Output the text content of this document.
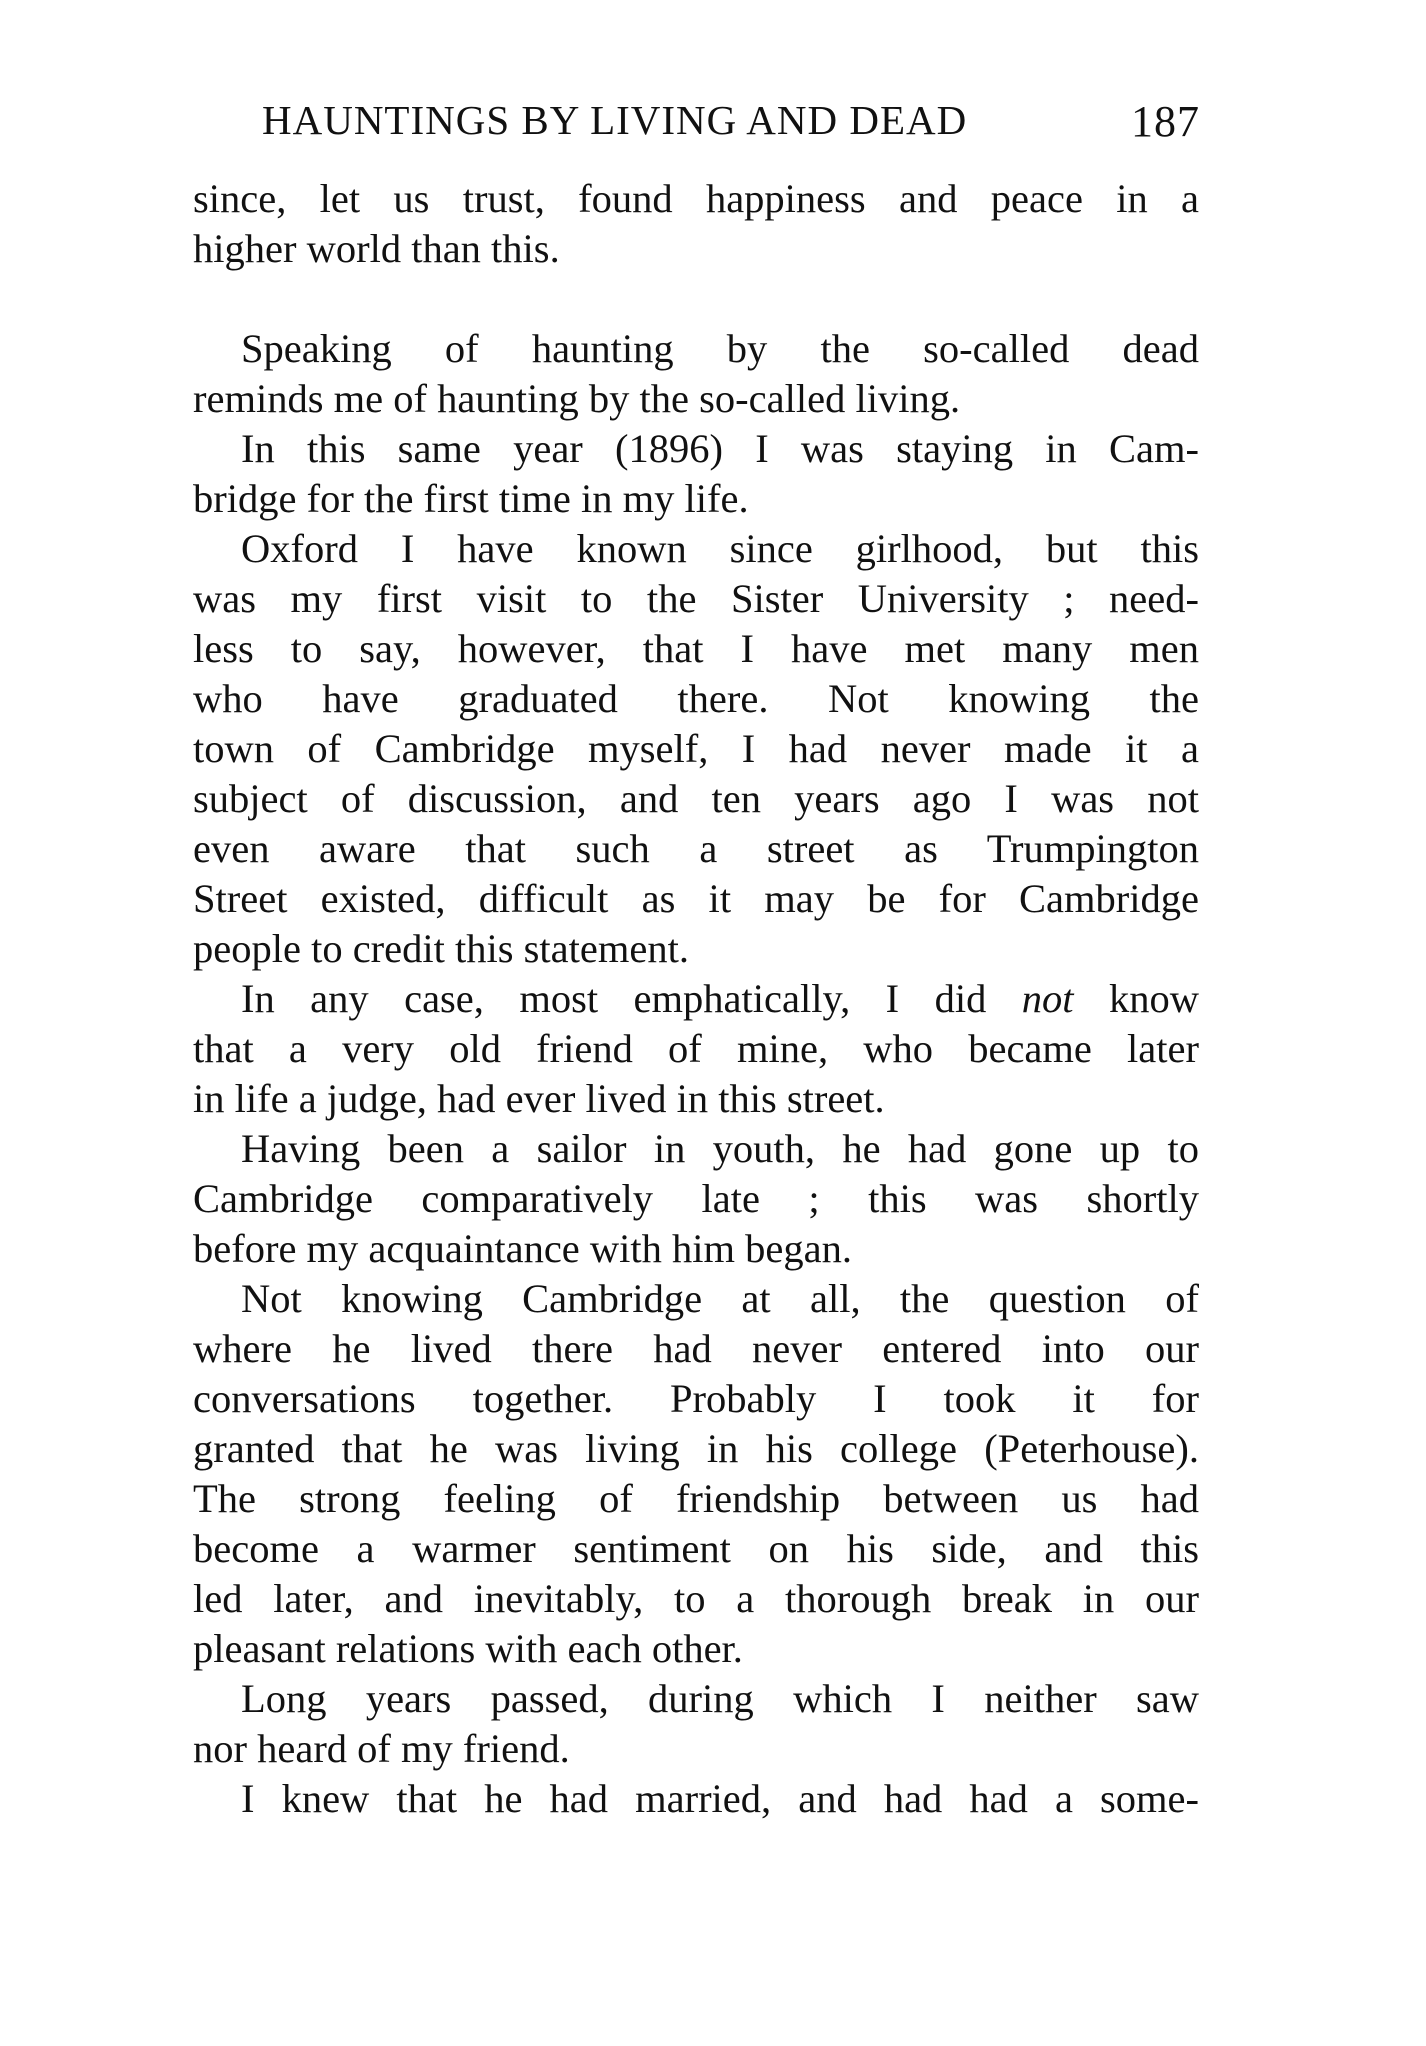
HAUNTINGS BY LIVING AND DEAD	187
since, let us trust, found happiness and peace in a
higher world than this.
Speaking of haunting by the so-called dead
reminds me of haunting by the so-called living.
In this same year (1896) I was staying in Cam-
bridge for the first time in my life.
Oxford I have known since girlhood, but this
was my first visit to the Sister University ; need-
less to say, however, that I have met many men
who have graduated there. Not knowing the
town of Cambridge myself, I had never made it a
subject of discussion, and ten years ago I was not
even aware that such a street as Trumpington
Street existed, difficult as it may be for Cambridge
people to credit this statement.
In any case, most emphatically, I did not know
that a very old friend of mine, who became later
in life a judge, had ever lived in this street.
Having been a sailor in youth, he had gone up to
Cambridge comparatively late ; this was shortly
before my acquaintance with him began.
Not knowing Cambridge at all, the question of
where he lived there had never entered into our
conversations together. Probably I took it for
granted that he was living in his college (Peterhouse).
The strong feeling of friendship between us had
become a warmer sentiment on his side, and this
led later, and inevitably, to a thorough break in our
pleasant relations with each other.
Long years passed, during which I neither saw
nor heard of my friend.
I knew that he had married, and had had a some-
